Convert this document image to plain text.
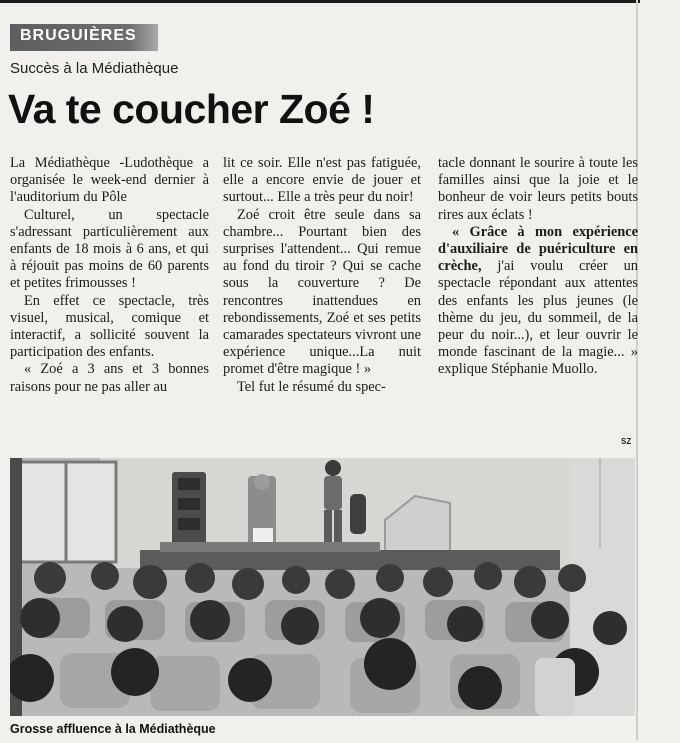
BRUGUIÈRES
Succès à la Médiathèque
Va te coucher Zoé !

La Médiathèque -Ludothèque a organisée le week-end dernier à l'auditorium du Pôle

Culturel, un spectacle s'adressant particulièrement aux enfants de 18 mois à 6 ans, et qui à réjouit pas moins de 60 parents et petites frimousses !

En effet ce spectacle, très visuel, musical, comique et interactif, a sollicité souvent la participation des enfants.

« Zoé a 3 ans et 3 bonnes raisons pour ne pas aller au

lit ce soir. Elle n'est pas fatiguée, elle a encore envie de jouer et surtout... Elle a très peur du noir!

Zoé croit être seule dans sa chambre... Pourtant bien des surprises l'attendent... Qui remue au fond du tiroir ? Qui se cache sous la couverture ? De rencontres inattendues en rebondissements, Zoé et ses petits camarades spectateurs vivront une expérience unique...La nuit promet d'être magique ! »

Tel fut le résumé du spec-

tacle donnant le sourire à toute les familles ainsi que la joie et le bonheur de voir leurs petits bouts rires aux éclats !

« Grâce à mon expérience d'auxiliaire de puériculture en crèche, j'ai voulu créer un spectacle répondant aux attentes des enfants les plus jeunes (le thème du jeu, du sommeil, de la peur du noir...), et leur ouvrir le monde fascinant de la magie... » explique Stéphanie Muollo.

SZ
Grosse affluence à la Médiathèque
